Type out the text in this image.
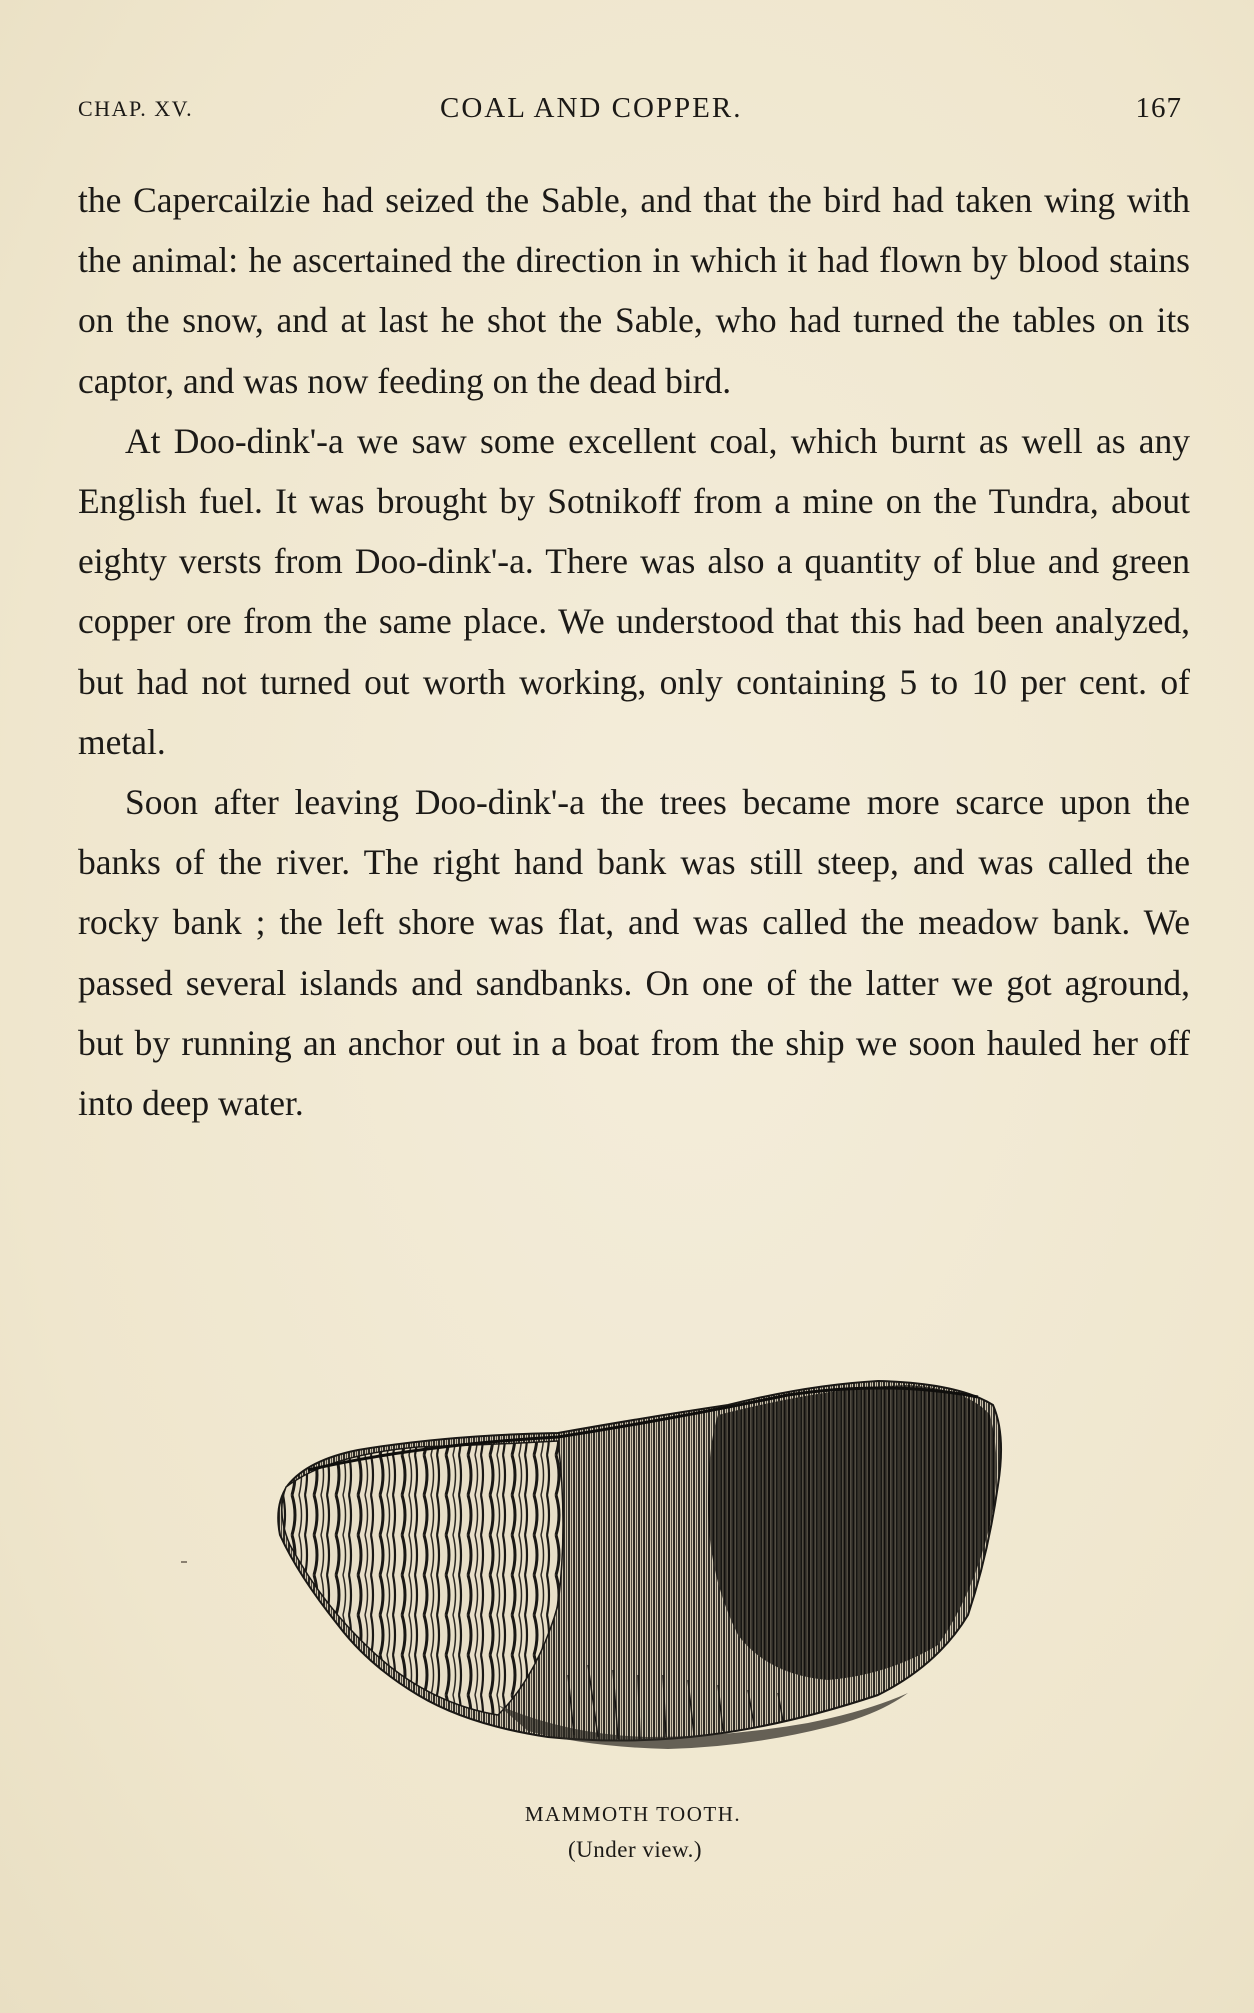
CHAP. XV.	COAL AND COPPER.	167

the Capercailzie had seized the Sable, and that the bird had taken wing with the animal: he ascertained the direction in which it had flown by blood stains on the snow, and at last he shot the Sable, who had turned the tables on its captor, and was now feeding on the dead bird.

At Doo-dink'-a we saw some excellent coal, which burnt as well as any English fuel. It was brought by Sotnikoff from a mine on the Tundra, about eighty versts from Doo-dink'-a. There was also a quantity of blue and green copper ore from the same place. We understood that this had been analyzed, but had not turned out worth working, only containing 5 to 10 per cent. of metal.

Soon after leaving Doo-dink'-a the trees became more scarce upon the banks of the river. The right hand bank was still steep, and was called the rocky bank ; the left shore was flat, and was called the meadow bank. We passed several islands and sandbanks. On one of the latter we got aground, but by running an anchor out in a boat from the ship we soon hauled her off into deep water.

MAMMOTH TOOTH.
(Under view.)
